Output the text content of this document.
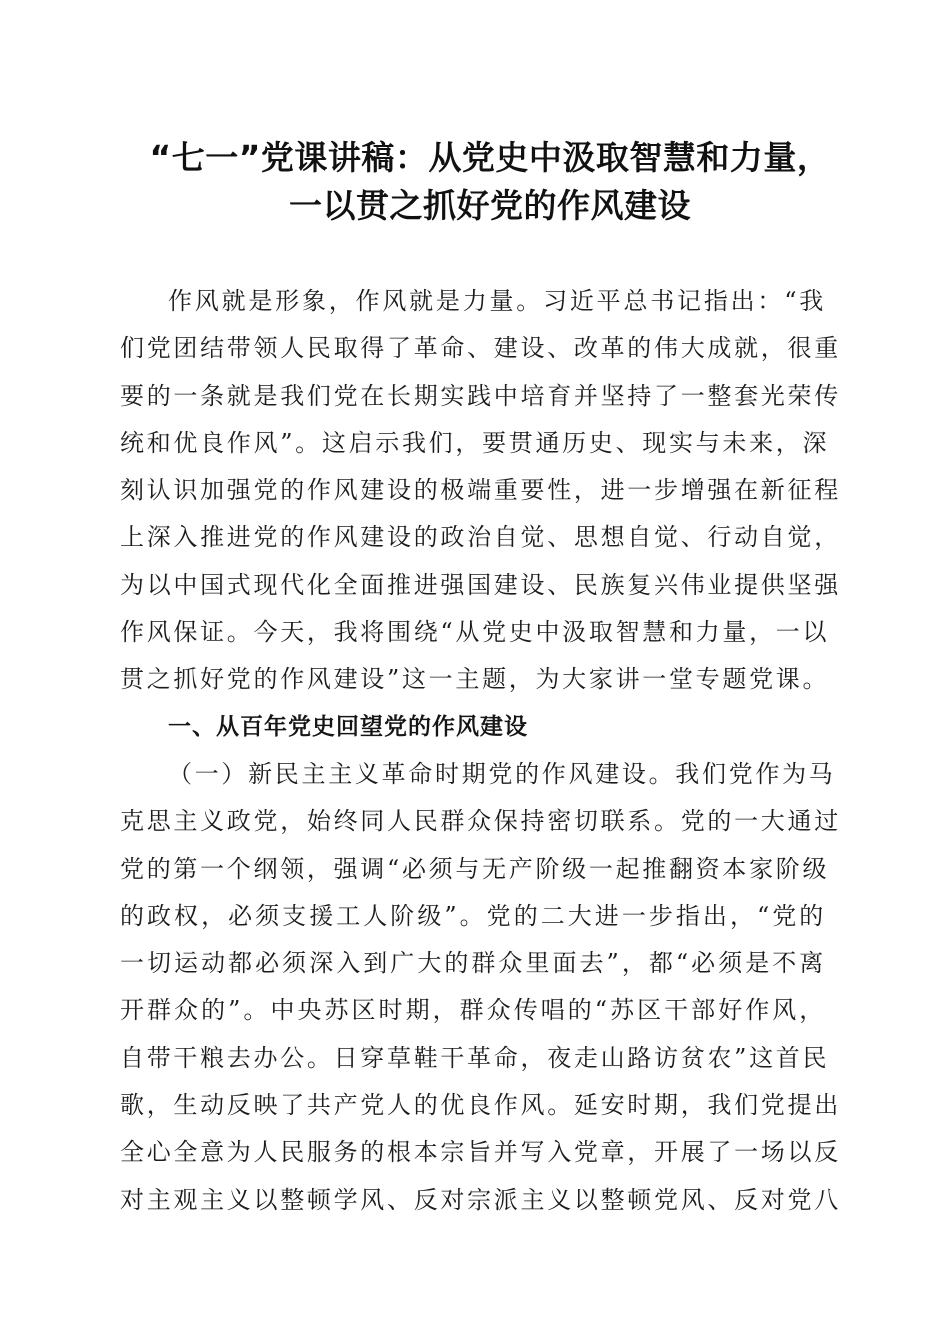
“七一”党课讲稿：从党史中汲取智慧和力量，
一以贯之抓好党的作风建设
作风就是形象，作风就是力量。习近平总书记指出：“我
们党团结带领人民取得了革命、建设、改革的伟大成就，很重
要的一条就是我们党在长期实践中培育并坚持了一整套光荣传
统和优良作风”。这启示我们，要贯通历史、现实与未来，深
刻认识加强党的作风建设的极端重要性，进一步增强在新征程
上深入推进党的作风建设的政治自觉、思想自觉、行动自觉，
为以中国式现代化全面推进强国建设、民族复兴伟业提供坚强
作风保证。今天，我将围绕“从党史中汲取智慧和力量，一以
贯之抓好党的作风建设”这一主题，为大家讲一堂专题党课。
一、从百年党史回望党的作风建设
（一）新民主主义革命时期党的作风建设。我们党作为马
克思主义政党，始终同人民群众保持密切联系。党的一大通过
党的第一个纲领，强调“必须与无产阶级一起推翻资本家阶级
的政权，必须支援工人阶级”。党的二大进一步指出，“党的
一切运动都必须深入到广大的群众里面去”，都“必须是不离
开群众的”。中央苏区时期，群众传唱的“苏区干部好作风，
自带干粮去办公。日穿草鞋干革命，夜走山路访贫农”这首民
歌，生动反映了共产党人的优良作风。延安时期，我们党提出
全心全意为人民服务的根本宗旨并写入党章，开展了一场以反
对主观主义以整顿学风、反对宗派主义以整顿党风、反对党八
